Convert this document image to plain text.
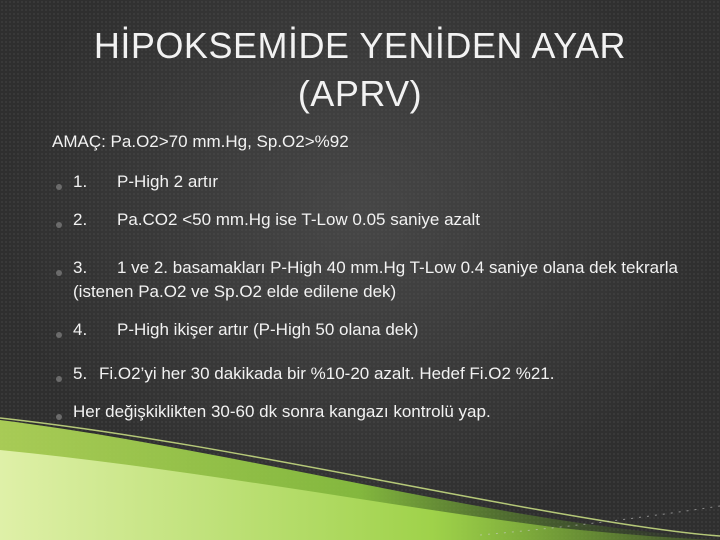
HİPOKSEMİDE YENİDEN AYAR
(APRV)
AMAÇ: Pa.O2>70 mm.Hg, Sp.O2>%92
1. P-High 2 artır
2. Pa.CO2 <50 mm.Hg ise T-Low 0.05 saniye azalt
3. 1 ve 2. basamakları P-High 40 mm.Hg T-Low 0.4 saniye olana dek tekrarla (istenen Pa.O2 ve Sp.O2 elde edilene dek)
4. P-High ikişer artır (P-High 50 olana dek)
5. Fi.O2’yi her 30 dakikada bir %10-20 azalt. Hedef Fi.O2 %21.
Her değişkiklikten 30-60 dk sonra kangazı kontrolü yap.
